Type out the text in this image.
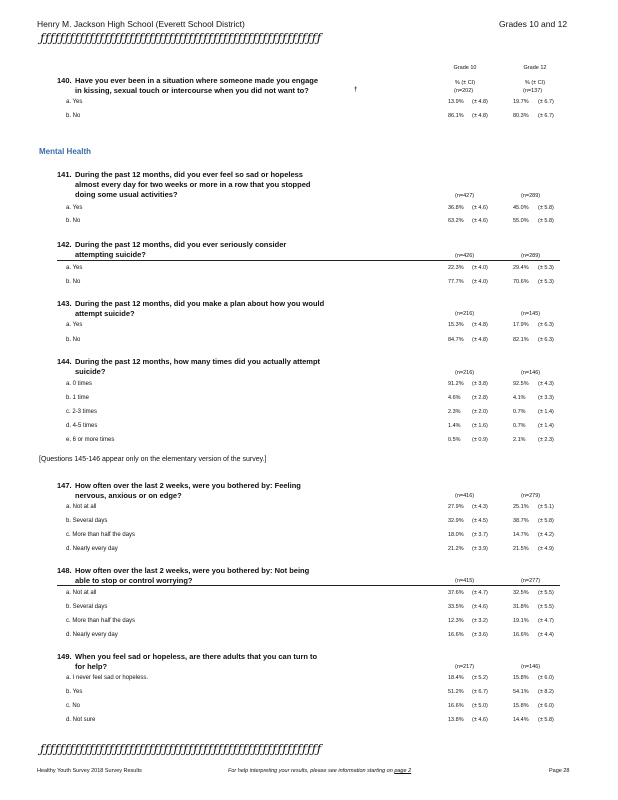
Henry M. Jackson High School (Everett School District)	Grades 10 and 12
ƒƒƒƒƒƒƒƒƒƒƒƒƒƒƒƒƒƒƒƒƒƒƒƒƒƒƒƒƒƒƒƒƒƒƒƒƒƒƒƒƒƒƒƒƒƒƒƒƒƒƒƒƒƒƒƒƒ
Grade 10	Grade 12
% (± CI)	% (± CI)
140. Have you ever been in a situation where someone made you engage
in kissing, sexual touch or intercourse when you did not want to?	†	(n=202)	(n=137)
a. Yes	13.9% (± 4.8)	19.7% (± 6.7)
b. No	86.1% (± 4.8)	80.3% (± 6.7)
Mental Health
141. During the past 12 months, did you ever feel so sad or hopeless
almost every day for two weeks or more in a row that you stopped
doing some usual activities?	(n=427)	(n=289)
a. Yes	36.8% (± 4.6)	45.0% (± 5.8)
b. No	63.2% (± 4.6)	55.0% (± 5.8)
142. During the past 12 months, did you ever seriously consider
attempting suicide?	(n=426)	(n=289)
a. Yes	22.3% (± 4.0)	29.4% (± 5.3)
b. No	77.7% (± 4.0)	70.6% (± 5.3)
143. During the past 12 months, did you make a plan about how you would
attempt suicide?	(n=216)	(n=145)
a. Yes	15.3% (± 4.8)	17.9% (± 6.3)
b. No	84.7% (± 4.8)	82.1% (± 6.3)
144. During the past 12 months, how many times did you actually attempt
suicide?	(n=216)	(n=146)
a. 0 times	91.2% (± 3.8)	92.5% (± 4.3)
b. 1 time	4.6% (± 2.8)	4.1% (± 3.3)
c. 2-3 times	2.3% (± 2.0)	0.7% (± 1.4)
d. 4-5 times	1.4% (± 1.6)	0.7% (± 1.4)
e. 6 or more times	0.5% (± 0.9)	2.1% (± 2.3)
[Questions 145-146 appear only on the elementary version of the survey.]
147. How often over the last 2 weeks, were you bothered by: Feeling
nervous, anxious or on edge?	(n=416)	(n=279)
a. Not at all	27.9% (± 4.3)	25.1% (± 5.1)
b. Several days	32.9% (± 4.5)	38.7% (± 5.8)
c. More than half the days	18.0% (± 3.7)	14.7% (± 4.2)
d. Nearly every day	21.2% (± 3.9)	21.5% (± 4.9)
148. How often over the last 2 weeks, were you bothered by: Not being
able to stop or control worrying?	(n=415)	(n=277)
a. Not at all	37.6% (± 4.7)	32.5% (± 5.5)
b. Several days	33.5% (± 4.6)	31.8% (± 5.5)
c. More than half the days	12.3% (± 3.2)	19.1% (± 4.7)
d. Nearly every day	16.6% (± 3.6)	16.6% (± 4.4)
149. When you feel sad or hopeless, are there adults that you can turn to
for help?	(n=217)	(n=146)
a. I never feel sad or hopeless.	18.4% (± 5.2)	15.8% (± 6.0)
b. Yes	51.2% (± 6.7)	54.1% (± 8.2)
c. No	16.6% (± 5.0)	15.8% (± 6.0)
d. Not sure	13.8% (± 4.6)	14.4% (± 5.8)
ƒƒƒƒƒƒƒƒƒƒƒƒƒƒƒƒƒƒƒƒƒƒƒƒƒƒƒƒƒƒƒƒƒƒƒƒƒƒƒƒƒƒƒƒƒƒƒƒƒƒƒƒƒƒƒƒƒ
Healthy Youth Survey 2018 Survey Results	For help interpreting your results, please see information starting on page 2	Page 28
